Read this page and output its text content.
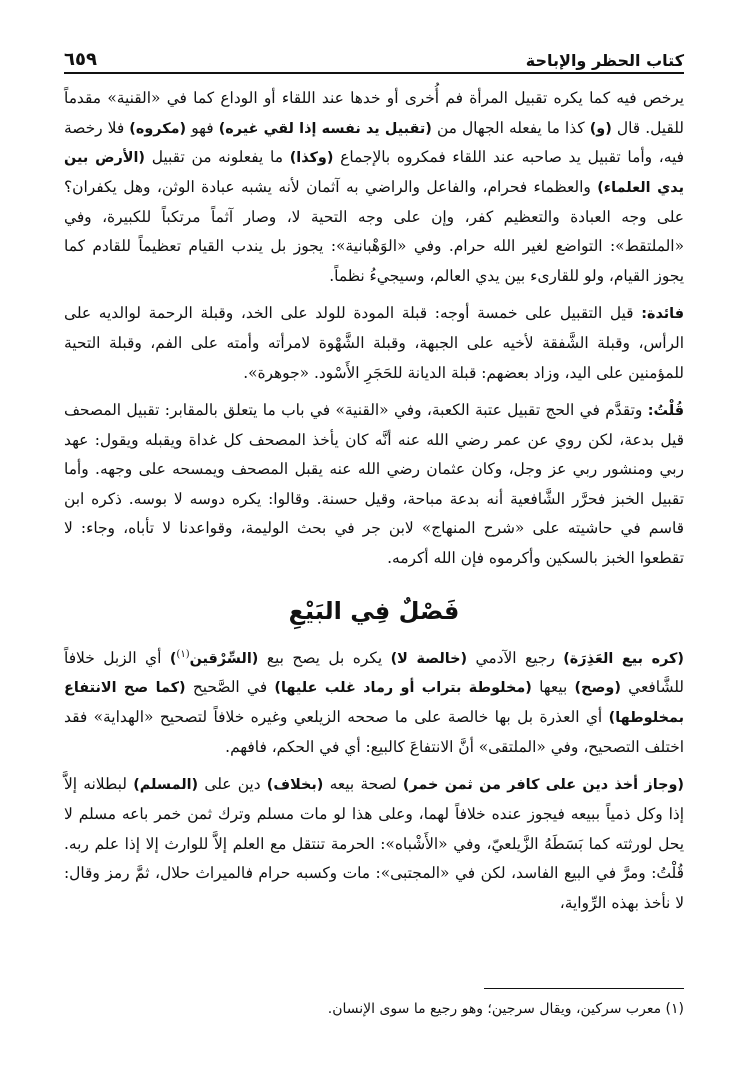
كتاب الحظر والإباحة
٦٥٩

يرخص فيه كما يكره تقبيل المرأة فم أُخرى أو خدها عند اللقاء أو الوداع كما في «القنية» مقدماً للقيل. قال (و) كذا ما يفعله الجهال من (تقبيل يد نفسه إذا لقي غيره) فهو (مكروه) فلا رخصة فيه، وأما تقبيل يد صاحبه عند اللقاء فمكروه بالإجماع (وكذا) ما يفعلونه من تقبيل (الأرض بين يدي العلماء) والعظماء فحرام، والفاعل والراضي به آثمان لأنه يشبه عبادة الوثن، وهل يكفران؟ على وجه العبادة والتعظيم كفر، وإن على وجه التحية لا، وصار آثماً مرتكباً للكبيرة، وفي «الملتقط»: التواضع لغير الله حرام. وفي «الوَهْبانية»: يجوز بل يندب القيام تعظيماً للقادم كما يجوز القيام، ولو للقارىء بين يدي العالم، وسيجيءُ نظماً.

فائدة: قيل التقبيل على خمسة أوجه: قبلة المودة للولد على الخد، وقبلة الرحمة لوالديه على الرأس، وقبلة الشَّفقة لأخيه على الجبهة، وقبلة الشَّهْوة لامرأته وأمته على الفم، وقبلة التحية للمؤمنين على اليد، وزاد بعضهم: قبلة الديانة للحَجَرِ الأَسْود. «جوهرة».

قُلْتُ: وتقدَّم في الحج تقبيل عتبة الكعبة، وفي «القنية» في باب ما يتعلق بالمقابر: تقبيل المصحف قيل بدعة، لكن روي عن عمر رضي الله عنه أنَّه كان يأخذ المصحف كل غداة ويقبله ويقول: عهد ربي ومنشور ربي عز وجل، وكان عثمان رضي الله عنه يقبل المصحف ويمسحه على وجهه. وأما تقبيل الخبز فحرَّر الشَّافعية أنه بدعة مباحة، وقيل حسنة. وقالوا: يكره دوسه لا بوسه. ذكره ابن قاسم في حاشيته على «شرح المنهاج» لابن جر في بحث الوليمة، وقواعدنا لا تأباه، وجاء: لا تقطعوا الخبز بالسكين وأكرموه فإن الله أكرمه.

فَصْلٌ فِي البَيْعِ

(كره بيع العَذِرَة) رجيع الآدمي (خالصة لا) يكره بل يصح بيع (السِّرْقين$^{(١)}$) أي الزبل خلافاً للشَّافعي (وصح) بيعها (مخلوطة بتراب أو رماد غلب عليها) في الصَّحيح (كما صح الانتفاع بمخلوطها) أي العذرة بل بها خالصة على ما صححه الزيلعي وغيره خلافاً لتصحيح «الهداية» فقد اختلف التصحيح، وفي «الملتقى» أنَّ الانتفاعَ كالبيع: أي في الحكم، فافهم.

(وجاز أخذ دين على كافر من ثمن خمر) لصحة بيعه (بخلاف) دين على (المسلم) لبطلانه إلاَّ إذا وكل ذمياً ببيعه فيجوز عنده خلافاً لهما، وعلى هذا لو مات مسلم وترك ثمن خمر باعه مسلم لا يحل لورثته كما بَسَطَهُ الزَّيلعيّ، وفي «الأَشْباه»: الحرمة تنتقل مع العلم إلاَّ للوارث إلا إذا علم ربه. قُلْتُ: ومرَّ في البيع الفاسد، لكن في «المجتبى»: مات وكسبه حرام فالميراث حلال، ثمَّ رمز وقال: لا نأخذ بهذه الرِّواية،

(١) معرب سركين، ويقال سرجين؛ وهو رجيع ما سوى الإنسان.
